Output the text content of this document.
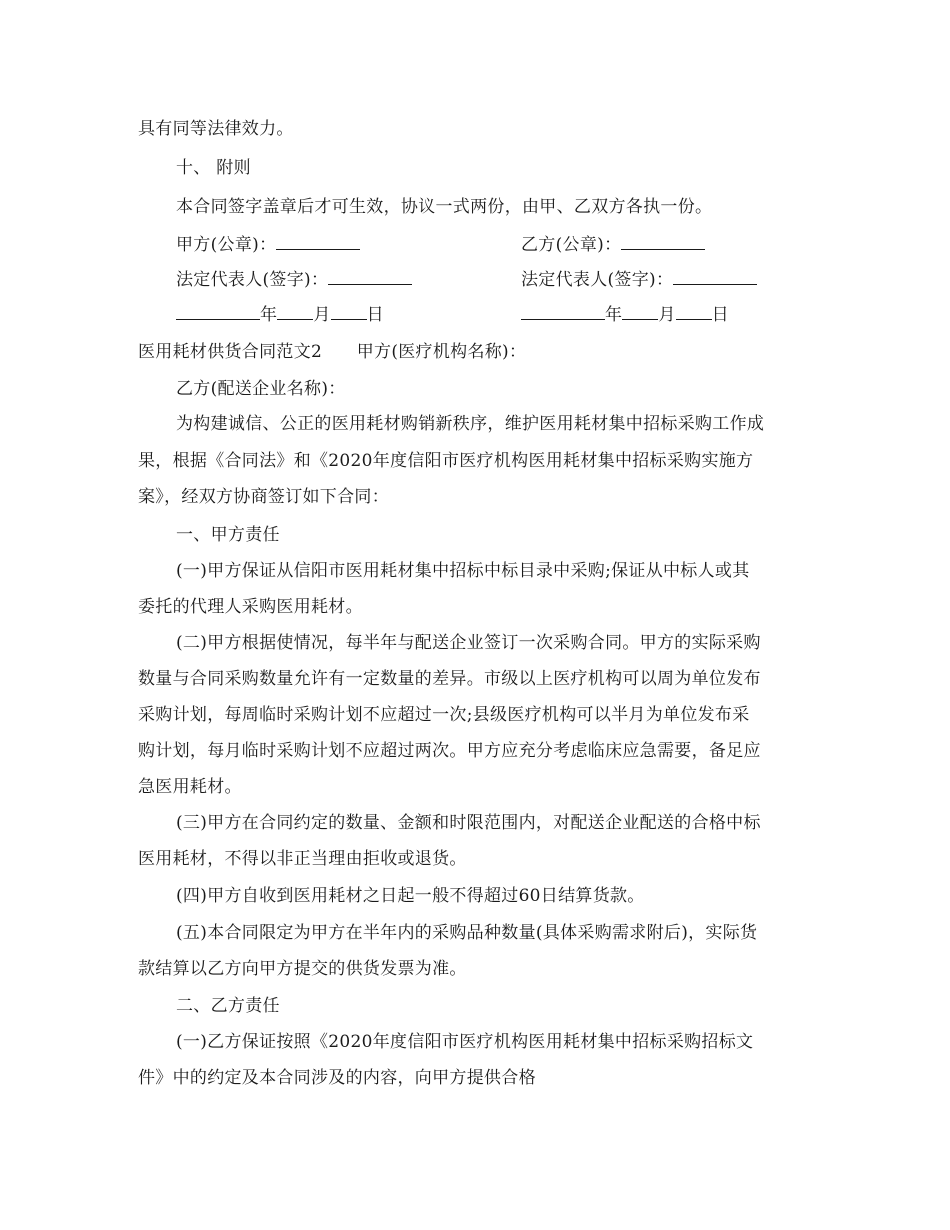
具有同等法律效力。
十、 附则
本合同签字盖章后才可生效，协议一式两份，由甲、乙双方各执一份。
甲方(公章)：	乙方(公章)：
法定代表人(签字)：	法定代表人(签字)：
年 月 日	年 月 日
医用耗材供货合同范文2　　甲方(医疗机构名称)：
乙方(配送企业名称)：
为构建诚信、公正的医用耗材购销新秩序，维护医用耗材集中招标采购工作成
果，根据《合同法》和《2020年度信阳市医疗机构医用耗材集中招标采购实施方
案》，经双方协商签订如下合同：
一、甲方责任
(一)甲方保证从信阳市医用耗材集中招标中标目录中采购;保证从中标人或其
委托的代理人采购医用耗材。
(二)甲方根据使情况，每半年与配送企业签订一次采购合同。甲方的实际采购
数量与合同采购数量允许有一定数量的差异。市级以上医疗机构可以周为单位发布
采购计划，每周临时采购计划不应超过一次;县级医疗机构可以半月为单位发布采
购计划，每月临时采购计划不应超过两次。甲方应充分考虑临床应急需要，备足应
急医用耗材。
(三)甲方在合同约定的数量、金额和时限范围内，对配送企业配送的合格中标
医用耗材，不得以非正当理由拒收或退货。
(四)甲方自收到医用耗材之日起一般不得超过60日结算货款。
(五)本合同限定为甲方在半年内的采购品种数量(具体采购需求附后)，实际货
款结算以乙方向甲方提交的供货发票为准。
二、乙方责任
(一)乙方保证按照《2020年度信阳市医疗机构医用耗材集中招标采购招标文
件》中的约定及本合同涉及的内容，向甲方提供合格
